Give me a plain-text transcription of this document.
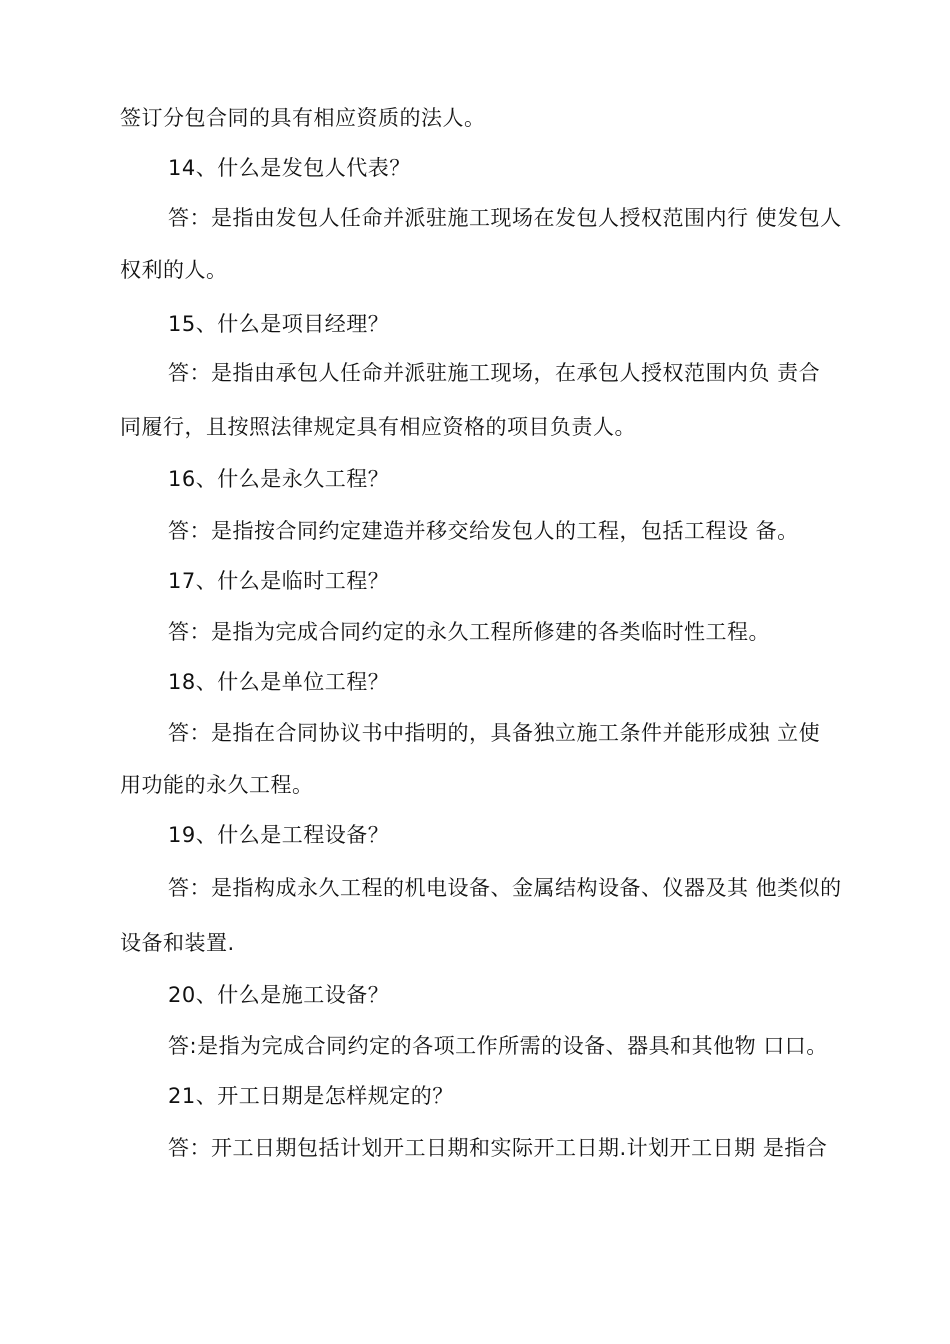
签订分包合同的具有相应资质的法人。
14、什么是发包人代表？
答：是指由发包人任命并派驻施工现场在发包人授权范围内行 使发包人
权利的人。
15、什么是项目经理？
答：是指由承包人任命并派驻施工现场，在承包人授权范围内负 责合
同履行，且按照法律规定具有相应资格的项目负责人。
16、什么是永久工程？
答：是指按合同约定建造并移交给发包人的工程，包括工程设 备。
17、什么是临时工程？
答：是指为完成合同约定的永久工程所修建的各类临时性工程。
18、什么是单位工程？
答：是指在合同协议书中指明的，具备独立施工条件并能形成独 立使
用功能的永久工程。
19、什么是工程设备？
答：是指构成永久工程的机电设备、金属结构设备、仪器及其 他类似的
设备和装置.
20、什么是施工设备？
答:是指为完成合同约定的各项工作所需的设备、器具和其他物 口口。
21、开工日期是怎样规定的？
答：开工日期包括计划开工日期和实际开工日期.计划开工日期 是指合
